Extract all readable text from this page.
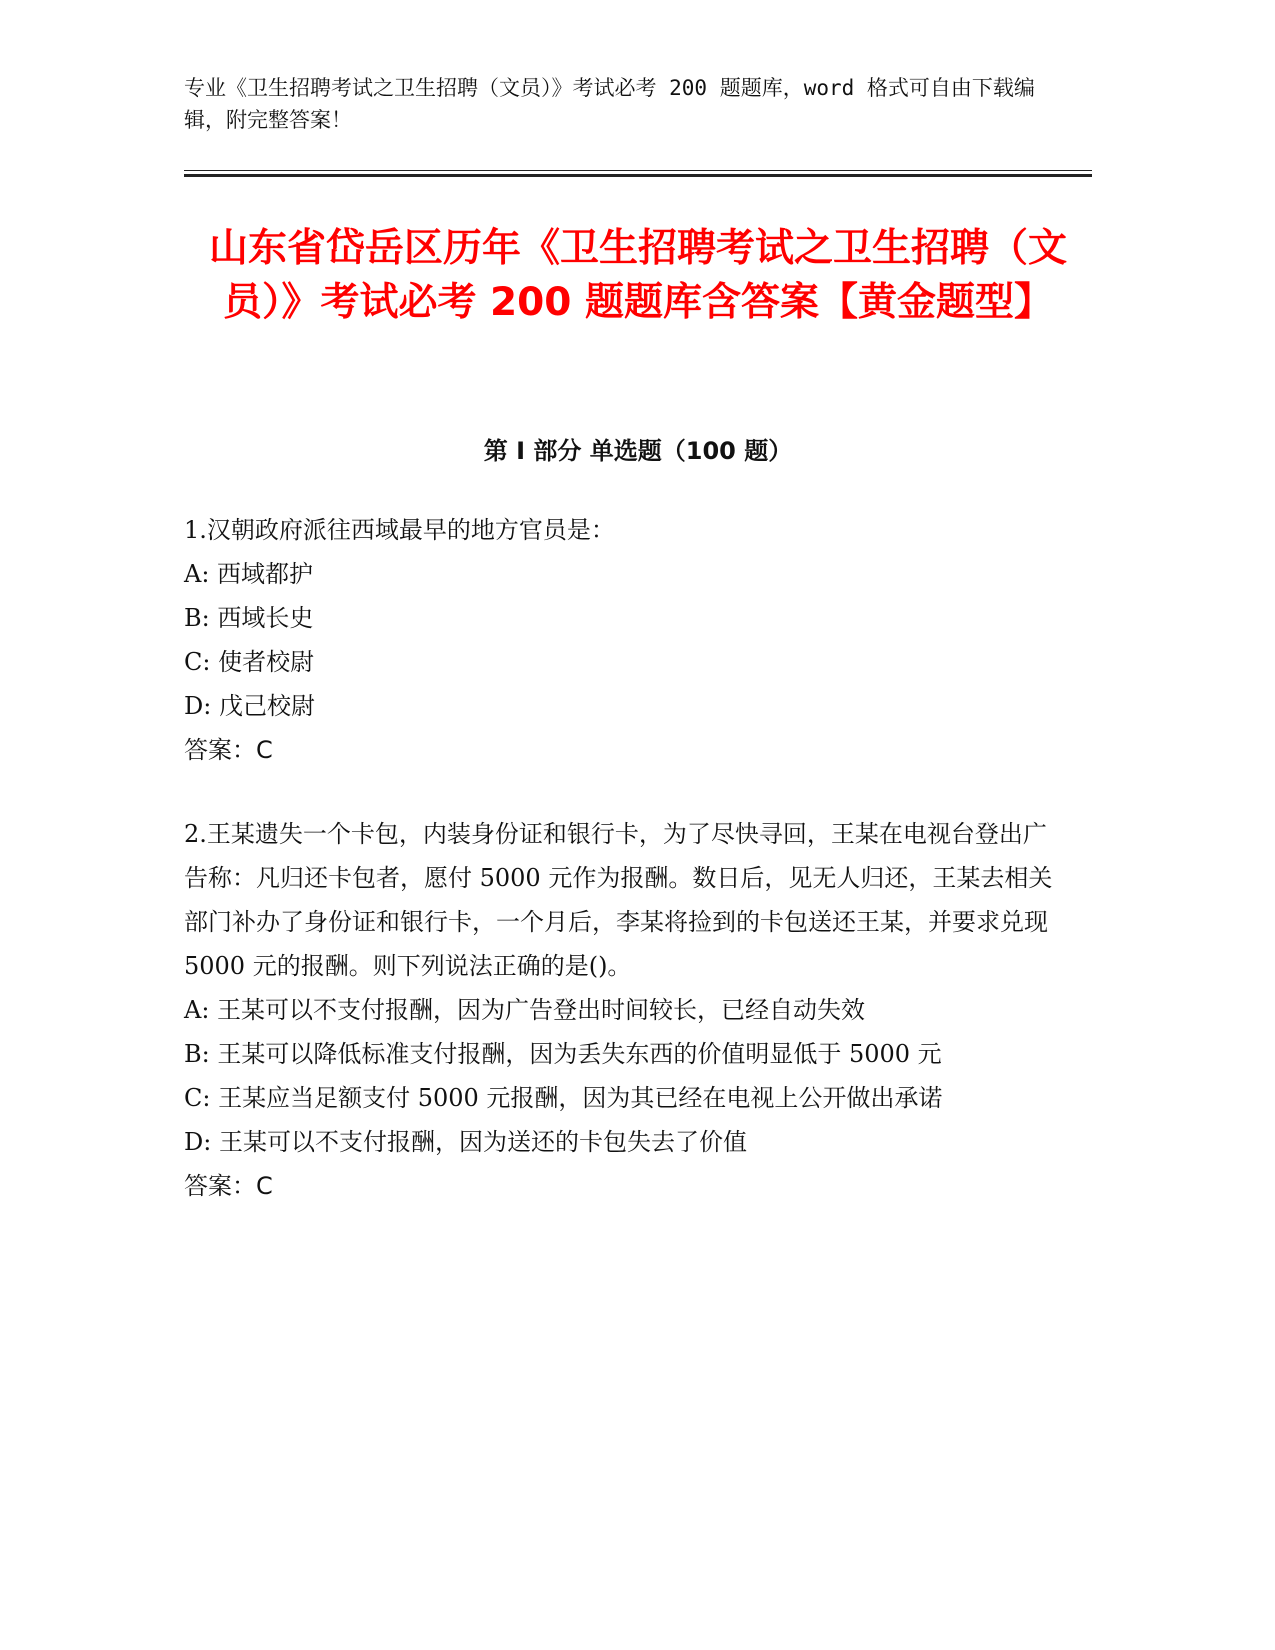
专业《卫生招聘考试之卫生招聘（文员）》考试必考 200 题题库，word 格式可自由下载编辑，附完整答案！
山东省岱岳区历年《卫生招聘考试之卫生招聘（文员）》考试必考 200 题题库含答案【黄金题型】
第 I 部分 单选题（100 题）
1.汉朝政府派往西域最早的地方官员是：
A: 西域都护
B: 西域长史
C: 使者校尉
D: 戊己校尉
答案：C
2.王某遗失一个卡包，内装身份证和银行卡，为了尽快寻回，王某在电视台登出广告称：凡归还卡包者，愿付 5000 元作为报酬。数日后，见无人归还，王某去相关部门补办了身份证和银行卡，一个月后，李某将捡到的卡包送还王某，并要求兑现 5000 元的报酬。则下列说法正确的是()。
A: 王某可以不支付报酬，因为广告登出时间较长，已经自动失效
B: 王某可以降低标准支付报酬，因为丢失东西的价值明显低于 5000 元
C: 王某应当足额支付 5000 元报酬，因为其已经在电视上公开做出承诺
D: 王某可以不支付报酬，因为送还的卡包失去了价值
答案：C
